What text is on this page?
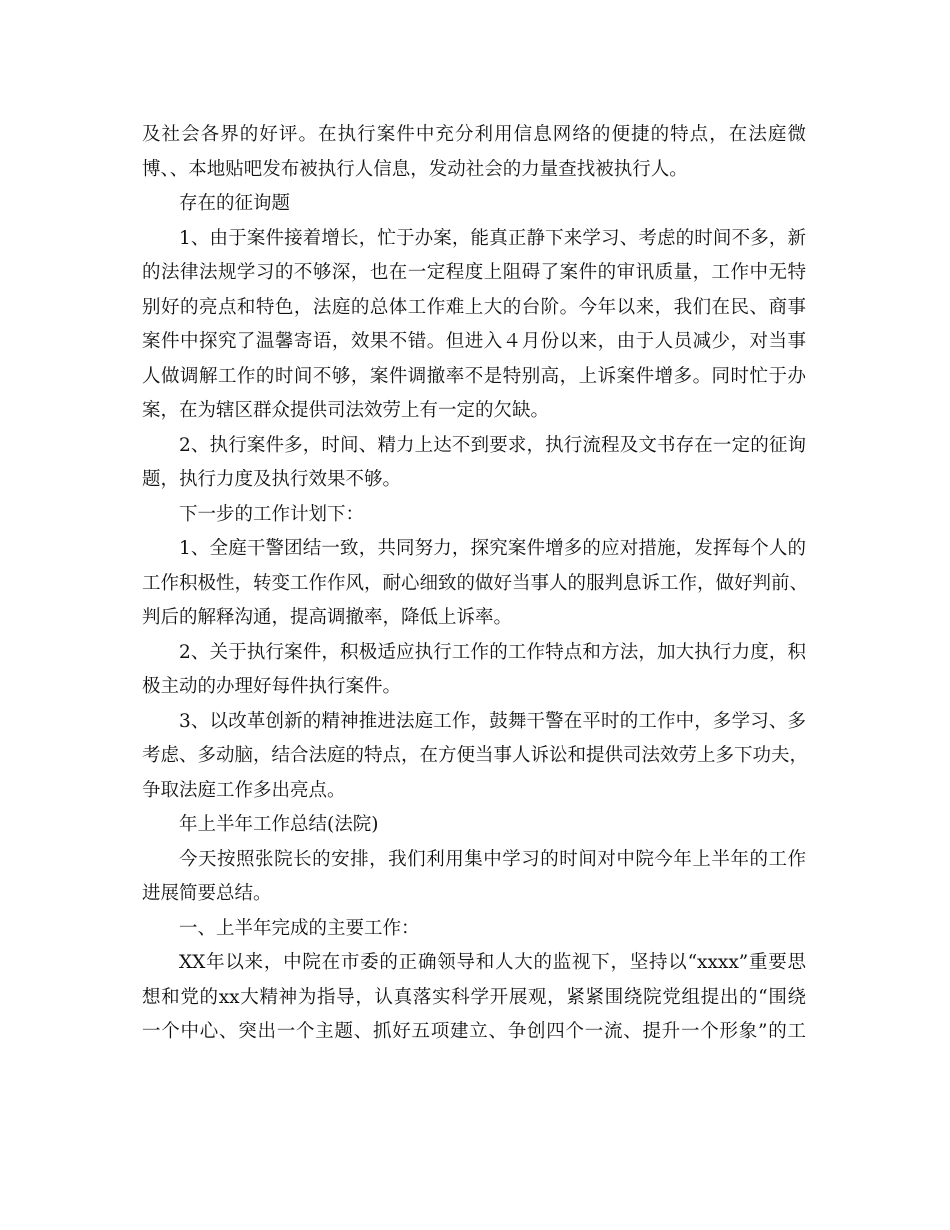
及社会各界的好评。在执行案件中充分利用信息网络的便捷的特点，在法庭微

博、、本地贴吧发布被执行人信息，发动社会的力量查找被执行人。

存在的征询题

1、由于案件接着增长，忙于办案，能真正静下来学习、考虑的时间不多，新

的法律法规学习的不够深，也在一定程度上阻碍了案件的审讯质量，工作中无特

别好的亮点和特色，法庭的总体工作难上大的台阶。今年以来，我们在民、商事

案件中探究了温馨寄语，效果不错。但进入４月份以来，由于人员减少，对当事

人做调解工作的时间不够，案件调撤率不是特别高，上诉案件增多。同时忙于办

案，在为辖区群众提供司法效劳上有一定的欠缺。

2、执行案件多，时间、精力上达不到要求，执行流程及文书存在一定的征询

题，执行力度及执行效果不够。

下一步的工作计划下：

1、全庭干警团结一致，共同努力，探究案件增多的应对措施，发挥每个人的

工作积极性，转变工作作风，耐心细致的做好当事人的服判息诉工作，做好判前、

判后的解释沟通，提高调撤率，降低上诉率。

2、关于执行案件，积极适应执行工作的工作特点和方法，加大执行力度，积

极主动的办理好每件执行案件。

3、以改革创新的精神推进法庭工作，鼓舞干警在平时的工作中，多学习、多

考虑、多动脑，结合法庭的特点，在方便当事人诉讼和提供司法效劳上多下功夫，

争取法庭工作多出亮点。

年上半年工作总结(法院)

今天按照张院长的安排，我们利用集中学习的时间对中院今年上半年的工作

进展简要总结。

一、上半年完成的主要工作：

XX年以来，中院在市委的正确领导和人大的监视下，坚持以“xxxx”重要思

想和党的xx大精神为指导，认真落实科学开展观，紧紧围绕院党组提出的“围绕

一个中心、突出一个主题、抓好五项建立、争创四个一流、提升一个形象”的工
